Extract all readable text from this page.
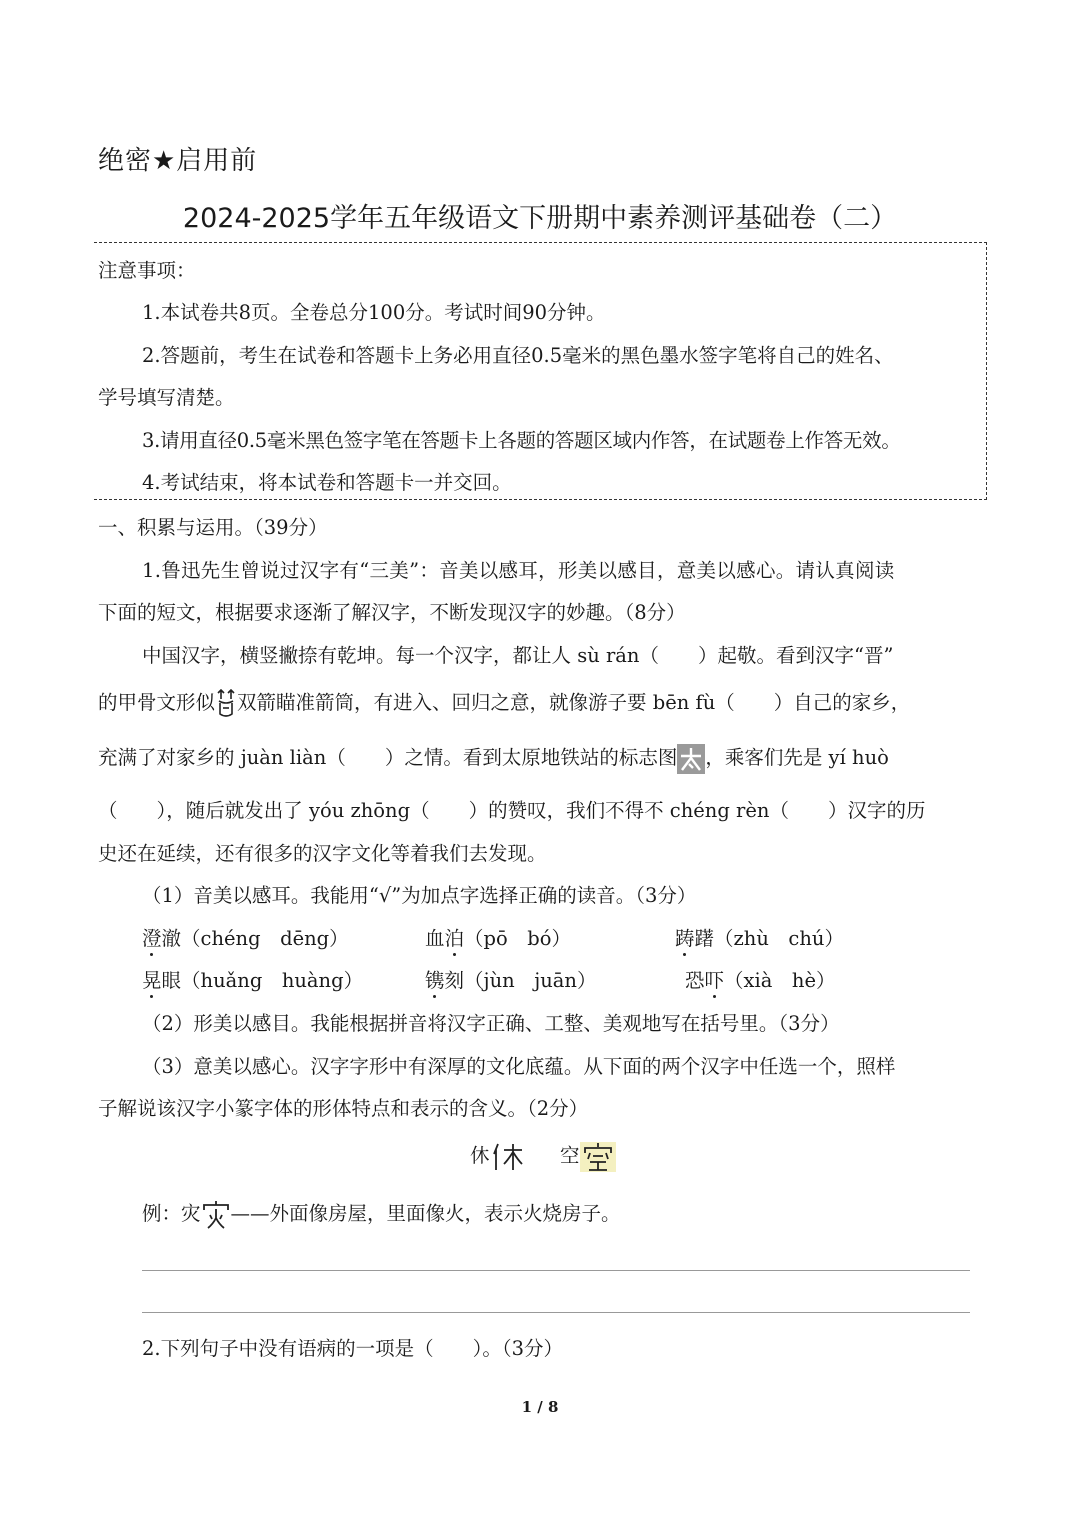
绝密★启用前
2024-2025学年五年级语文下册期中素养测评基础卷（二）
注意事项：
1.本试卷共8页。全卷总分100分。考试时间90分钟。
2.答题前，考生在试卷和答题卡上务必用直径0.5毫米的黑色墨水签字笔将自己的姓名、
学号填写清楚。
3.请用直径0.5毫米黑色签字笔在答题卡上各题的答题区域内作答，在试题卷上作答无效。
4.考试结束，将本试卷和答题卡一并交回。
一、积累与运用。（39分）
1.鲁迅先生曾说过汉字有“三美”：音美以感耳，形美以感目，意美以感心。请认真阅读
下面的短文，根据要求逐渐了解汉字，不断发现汉字的妙趣。（8分）
中国汉字，横竖撇捺有乾坤。每一个汉字，都让人 sù rán（　　）起敬。看到汉字“晋”
的甲骨文形似 双箭瞄准箭筒，有进入、回归之意，就像游子要 bēn fù（　　）自己的家乡，
充满了对家乡的 juàn liàn（　　）之情。看到太原地铁站的标志图 ，乘客们先是 yí huò
（　　），随后就发出了 yóu zhōng（　　）的赞叹，我们不得不 chéng rèn（　　）汉字的历
史还在延续，还有很多的汉字文化等着我们去发现。
（1）音美以感耳。我能用“√”为加点字选择正确的读音。（3分）
澄澈（chéng　dēng）	血泊（pō　bó）	踌躇（zhù　chú）
晃眼（huǎng　huàng）	镌刻（jùn　juān）	恐吓（xià　hè）
（2）形美以感目。我能根据拼音将汉字正确、工整、美观地写在括号里。（3分）
（3）意美以感心。汉字字形中有深厚的文化底蕴。从下面的两个汉字中任选一个，照样
子解说该汉字小篆字体的形体特点和表示的含义。（2分）
休	空
例：灾 ——外面像房屋，里面像火，表示火烧房子。
2.下列句子中没有语病的一项是（　　）。（3分）
1 / 8
